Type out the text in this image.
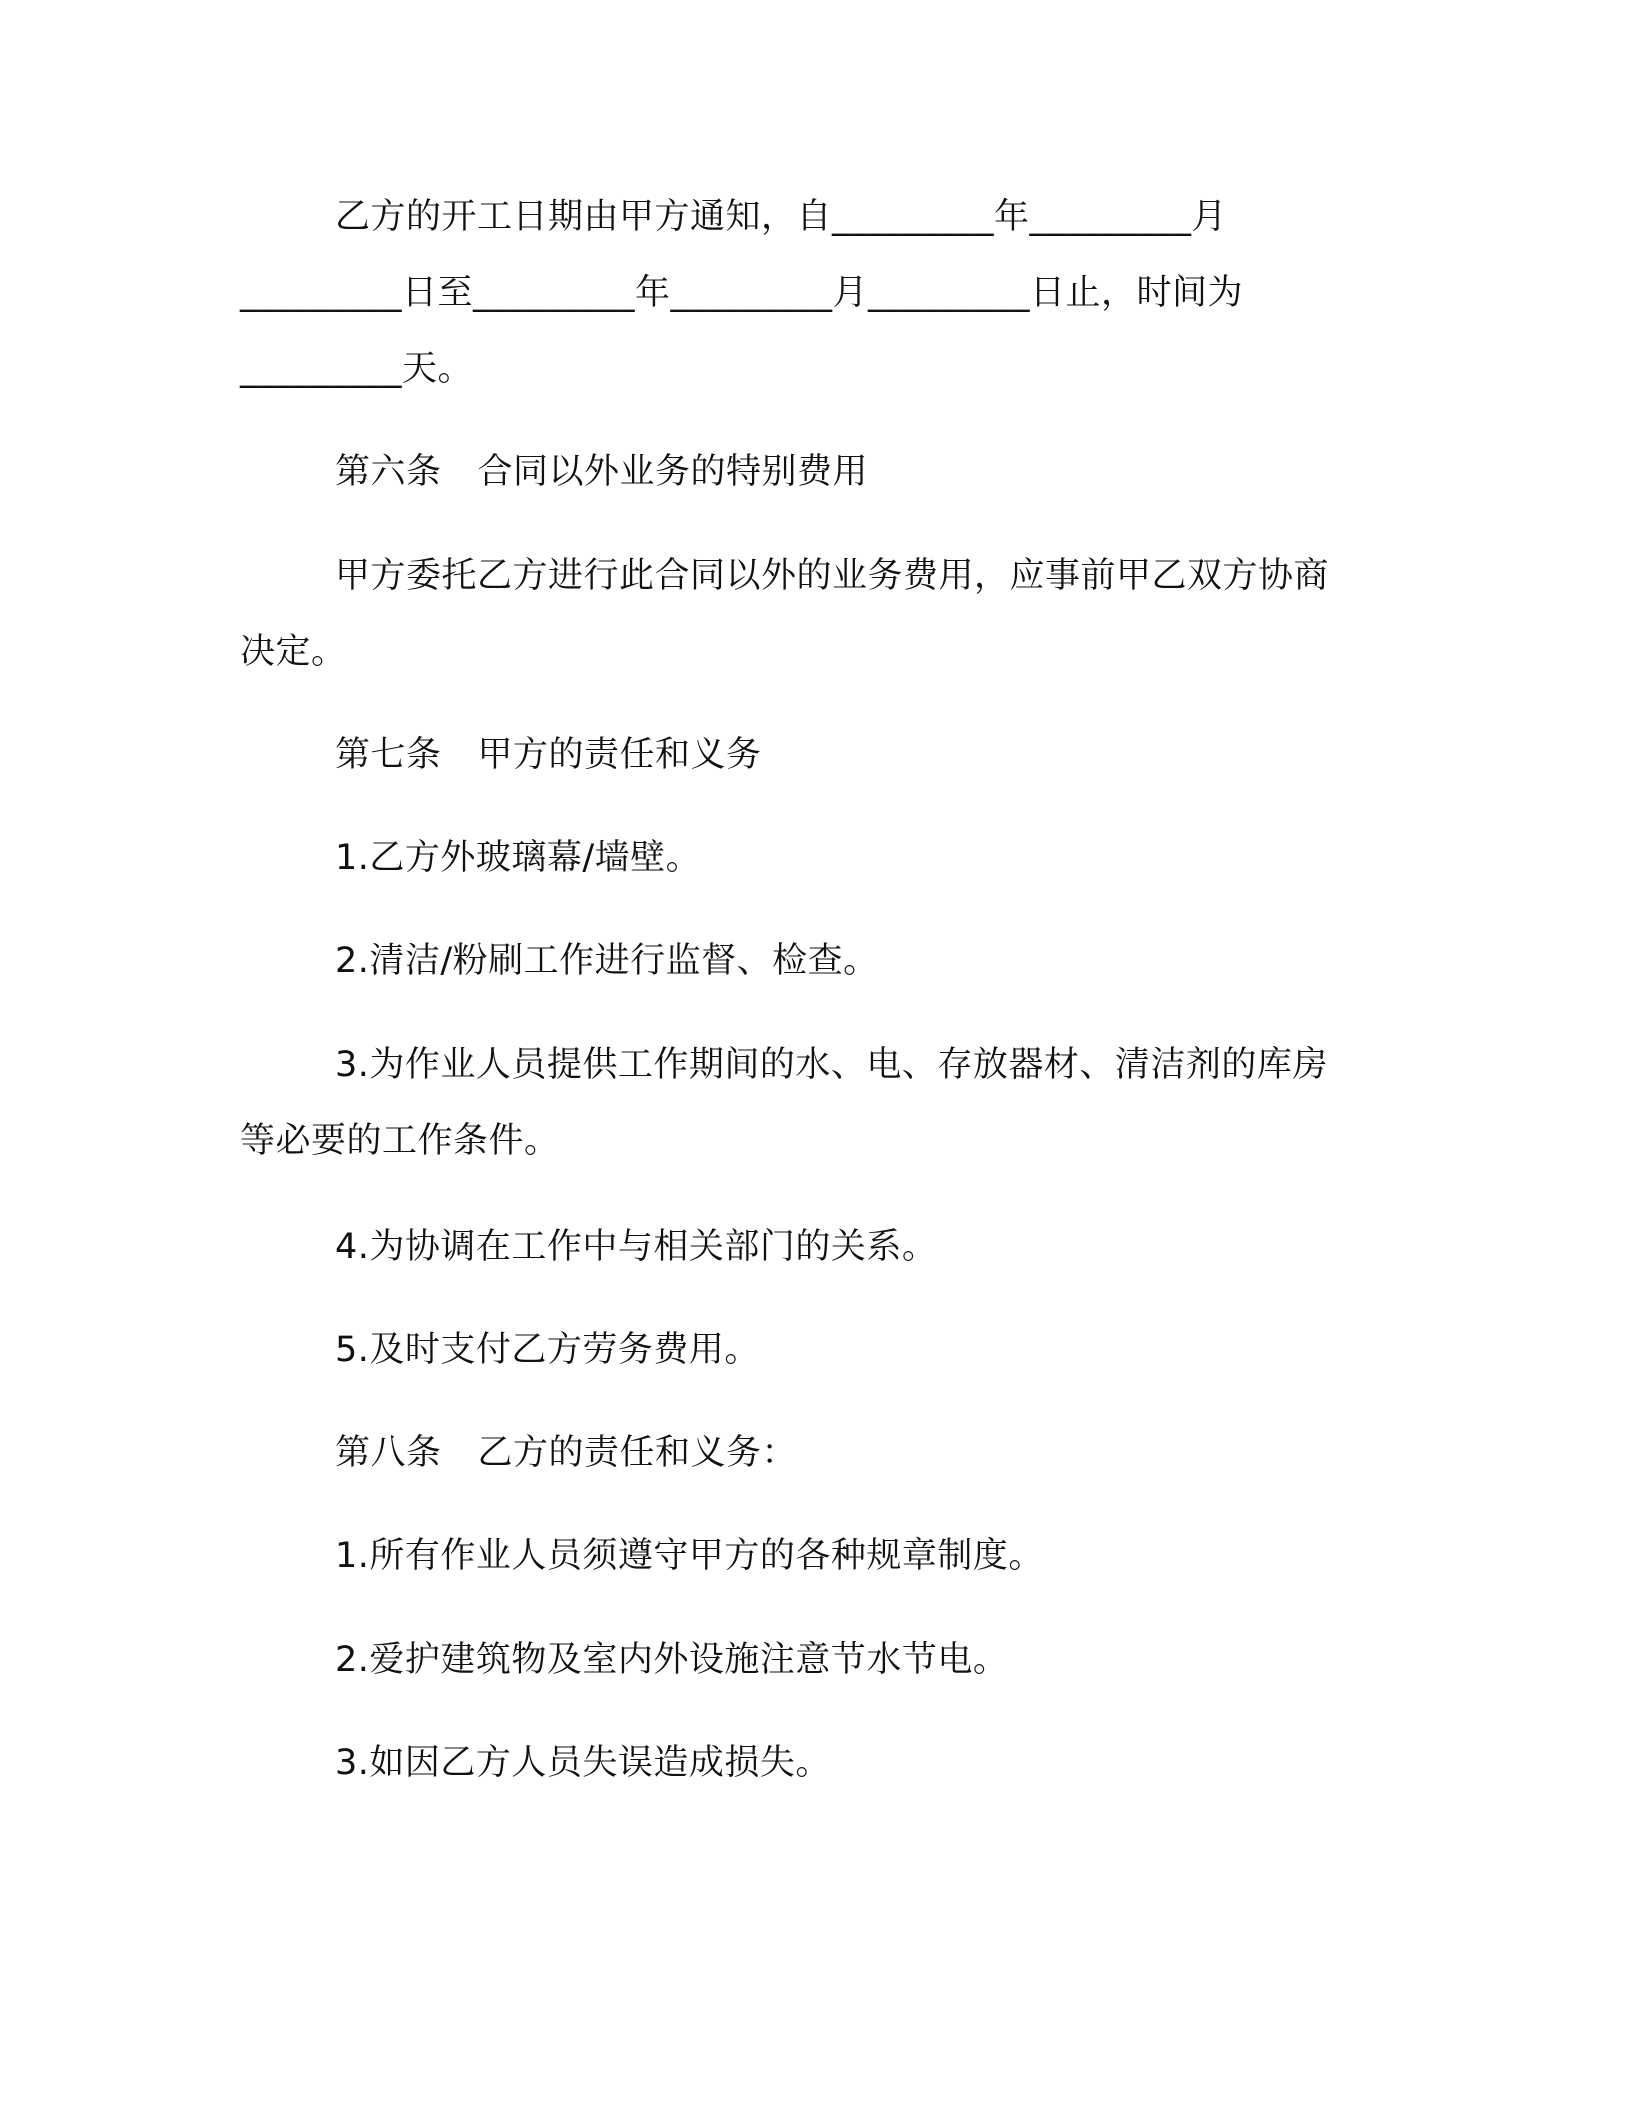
乙方的开工日期由甲方通知，自_________年_________月

_________日至_________年_________月_________日止，时间为

_________天。

第六条 合同以外业务的特别费用

甲方委托乙方进行此合同以外的业务费用，应事前甲乙双方协商

决定。

第七条 甲方的责任和义务

1.乙方外玻璃幕/墙壁。

2.清洁/粉刷工作进行监督、检查。

3.为作业人员提供工作期间的水、电、存放器材、清洁剂的库房

等必要的工作条件。

4.为协调在工作中与相关部门的关系。

5.及时支付乙方劳务费用。

第八条 乙方的责任和义务：

1.所有作业人员须遵守甲方的各种规章制度。

2.爱护建筑物及室内外设施注意节水节电。

3.如因乙方人员失误造成损失。
